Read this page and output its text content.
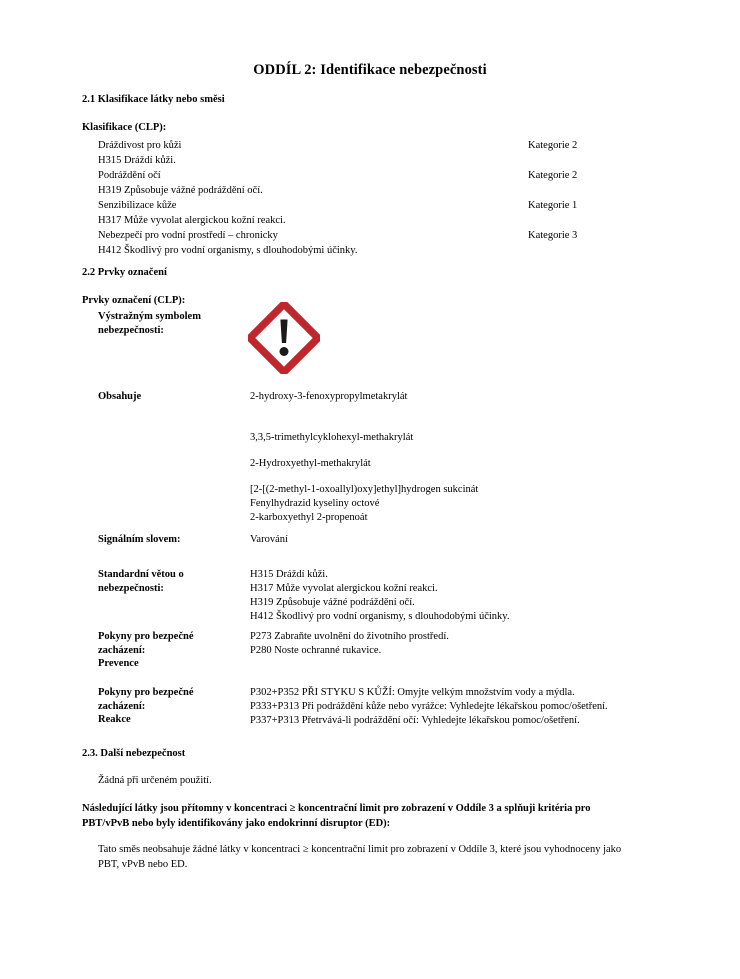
ODDÍL 2: Identifikace nebezpečnosti
2.1 Klasifikace látky nebo směsi
Klasifikace (CLP):
Dráždivost pro kůži	Kategorie 2
H315 Dráždí kůži.
Podráždění očí	Kategorie 2
H319 Způsobuje vážné podráždění očí.
Senzibilizace kůže	Kategorie 1
H317 Může vyvolat alergickou kožní reakci.
Nebezpečí pro vodní prostředí – chronicky	Kategorie 3
H412 Škodlivý pro vodní organismy, s dlouhodobými účinky.
2.2 Prvky označení
Prvky označení (CLP):
Výstražným symbolem
nebezpečnosti:
Obsahuje	2-hydroxy-3-fenoxypropylmetakrylát
3,3,5-trimethylcyklohexyl-methakrylát
2-Hydroxyethyl-methakrylát
[2-[(2-methyl-1-oxoallyl)oxy]ethyl]hydrogen sukcinát
Fenylhydrazid kyseliny octové
2-karboxyethyl 2-propenoát
Signálním slovem:	Varování
Standardní větou o
nebezpečnosti:
H315 Dráždí kůži.
H317 Může vyvolat alergickou kožní reakci.
H319 Způsobuje vážné podráždění očí.
H412 Škodlivý pro vodní organismy, s dlouhodobými účinky.
Pokyny pro bezpečné
zacházení:
Prevence
P273 Zabraňte uvolnění do životního prostředí.
P280 Noste ochranné rukavice.
Pokyny pro bezpečné
zacházení:
Reakce
P302+P352 PŘI STYKU S KŮŽÍ: Omyjte velkým množstvím vody a mýdla.
P333+P313 Při podráždění kůže nebo vyrážce: Vyhledejte lékařskou pomoc/ošetření.
P337+P313 Přetrvává-li podráždění očí: Vyhledejte lékařskou pomoc/ošetření.
2.3. Další nebezpečnost
Žádná při určeném použití.
Následující látky jsou přítomny v koncentraci ≥ koncentrační limit pro zobrazení v Oddíle 3 a splňuji kritéria pro
PBT/vPvB nebo byly identifikovány jako endokrinní disruptor (ED):
Tato směs neobsahuje žádné látky v koncentraci ≥ koncentrační limit pro zobrazení v Oddíle 3, které jsou vyhodnoceny jako
PBT, vPvB nebo ED.
